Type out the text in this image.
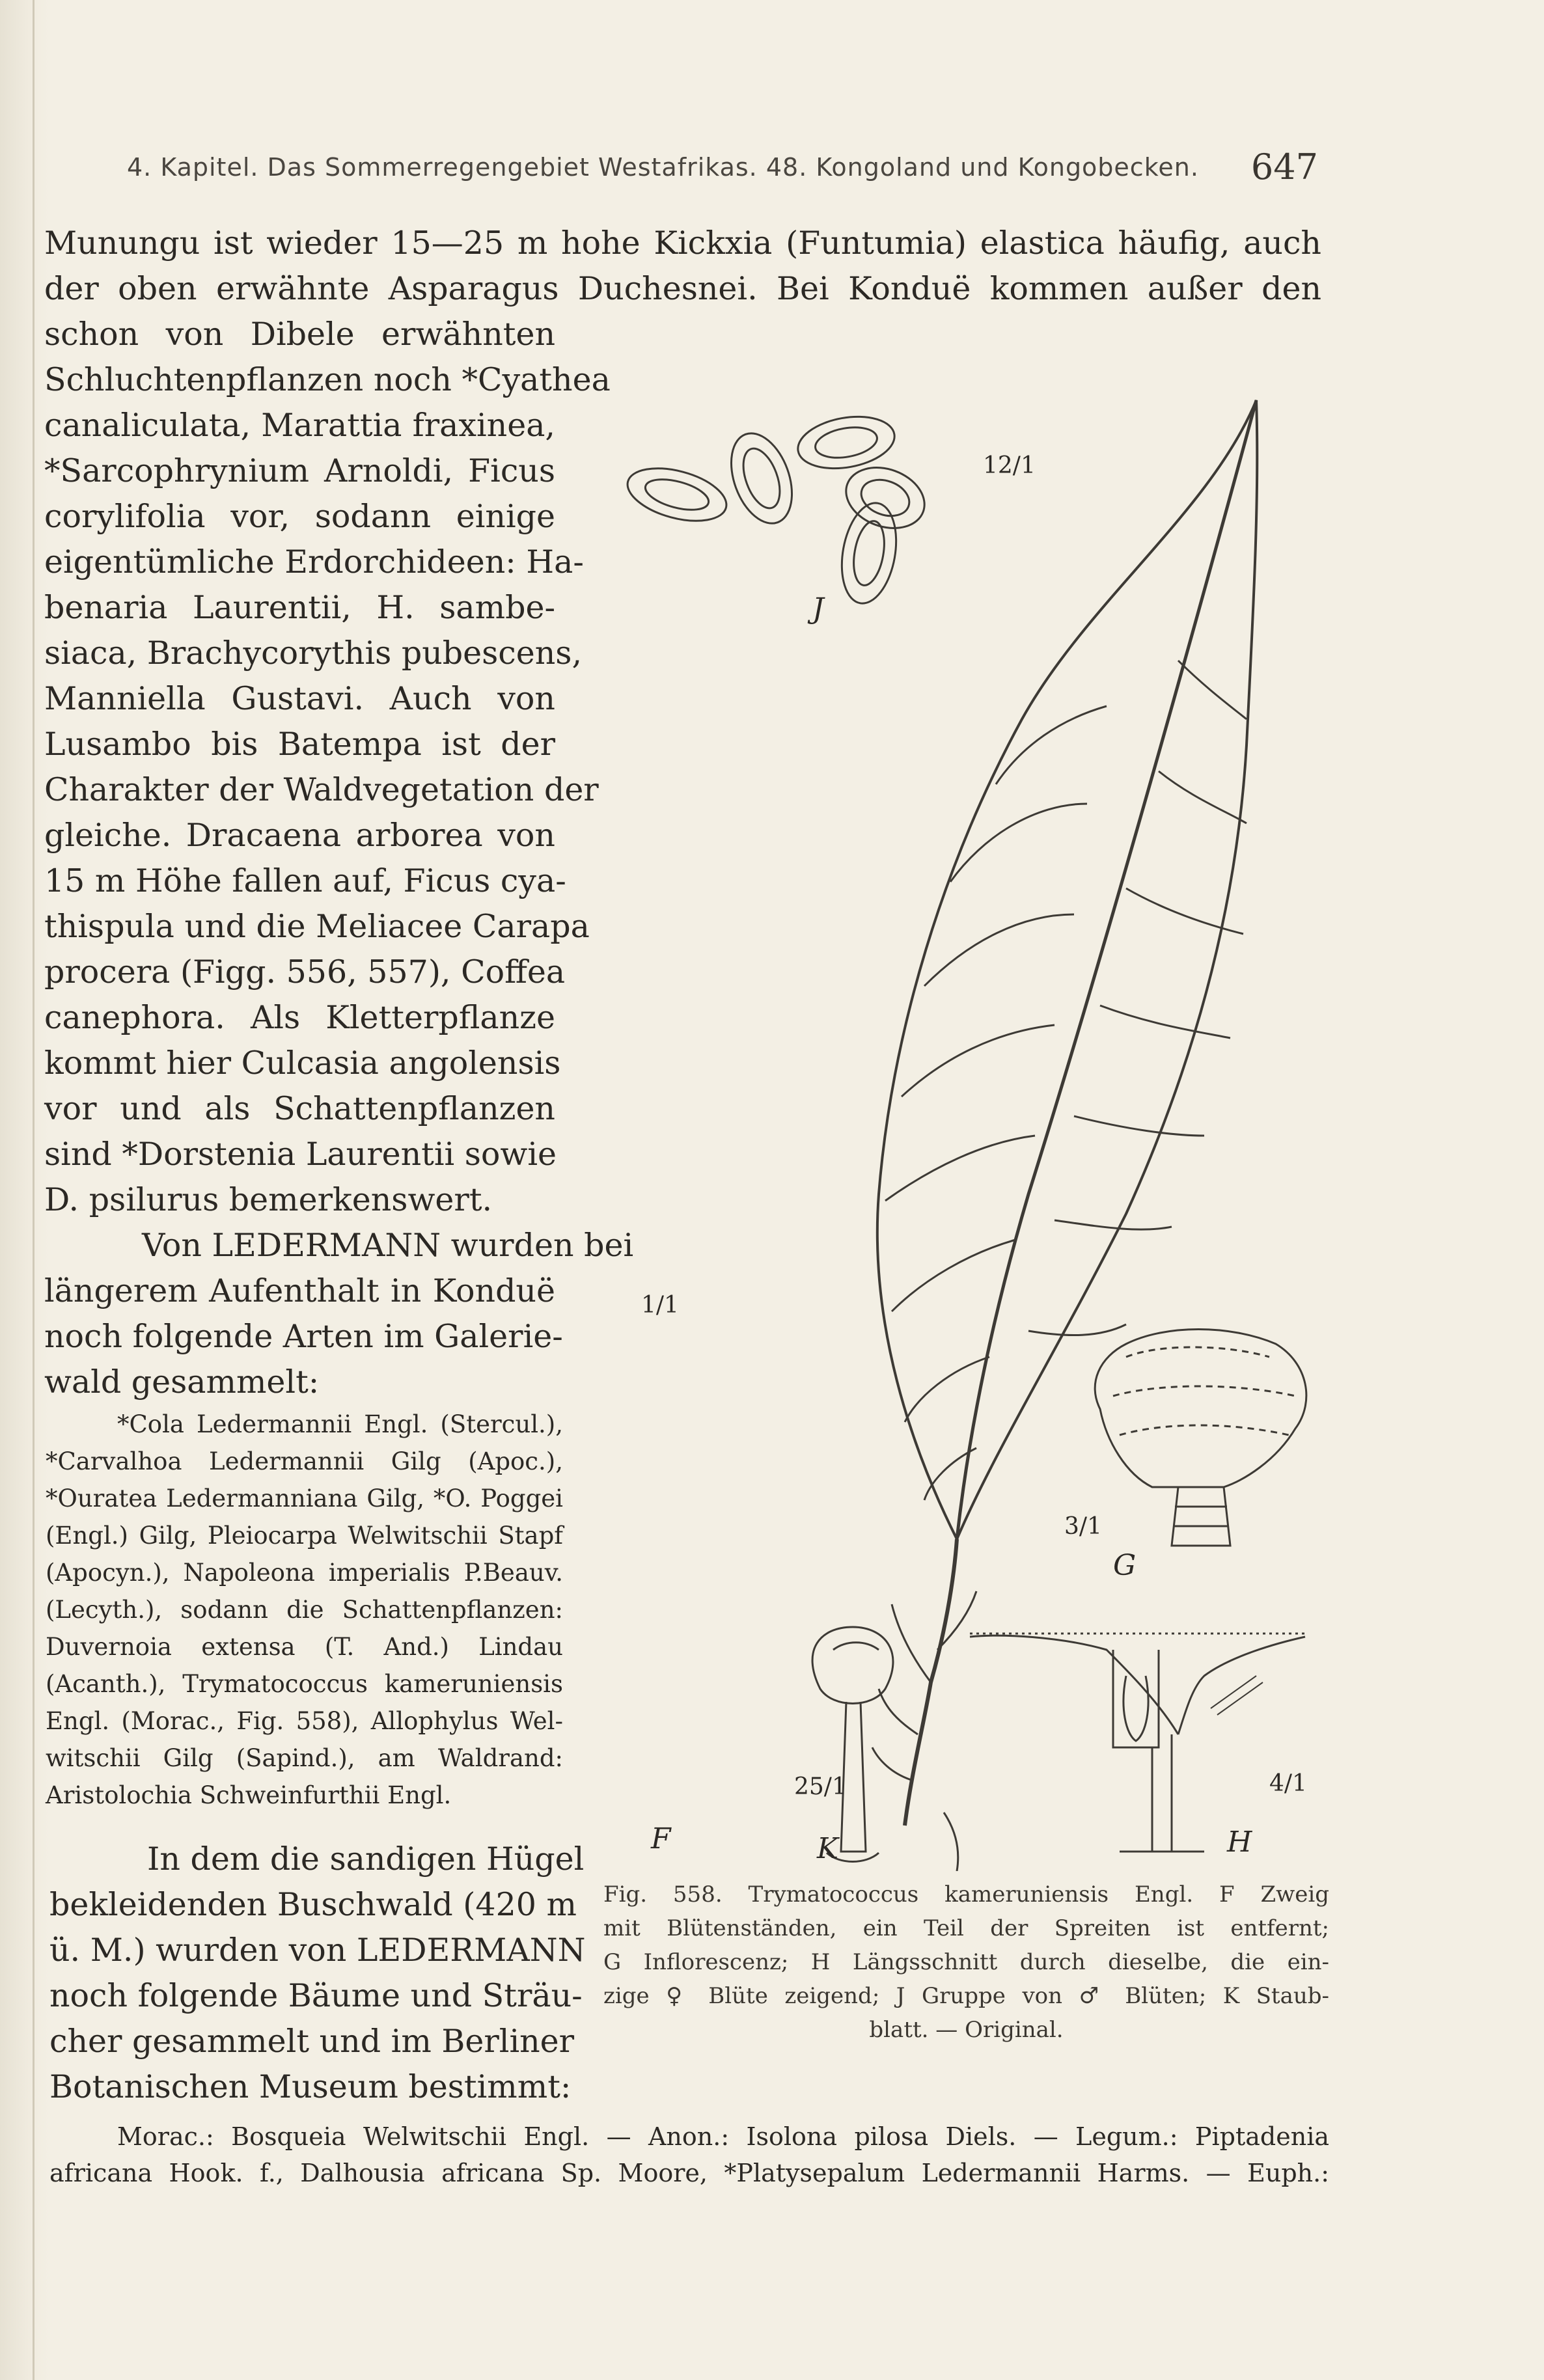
4. Kapitel. Das Sommerregengebiet Westafrikas. 48. Kongoland und Kongobecken. 647
Munungu ist wieder 15—25 m hohe Kickxia (Funtumia) elastica häufig, auch
der oben erwähnte Asparagus Duchesnei. Bei Konduë kommen außer den
schon von Dibele erwähnten
Schluchtenpflanzen noch *Cyathea
canaliculata, Marattia fraxinea,
*Sarcophrynium Arnoldi, Ficus
corylifolia vor, sodann einige
eigentümliche Erdorchideen: Ha-
benaria Laurentii, H. sambe-
siaca, Brachycorythis pubescens,
Manniella Gustavi. Auch von
Lusambo bis Batempa ist der
Charakter der Waldvegetation der
gleiche. Dracaena arborea von
15 m Höhe fallen auf, Ficus cya-
thispula und die Meliacee Carapa
procera (Figg. 556, 557), Coffea
canephora. Als Kletterpflanze
kommt hier Culcasia angolensis
vor und als Schattenpflanzen
sind *Dorstenia Laurentii sowie
D. psilurus bemerkenswert.
Von LEDERMANN wurden bei
längerem Aufenthalt in Konduë
noch folgende Arten im Galerie-
wald gesammelt:
*Cola Ledermannii Engl. (Stercul.),
*Carvalhoa Ledermannii Gilg (Apoc.),
*Ouratea Ledermanniana Gilg, *O. Poggei
(Engl.) Gilg, Pleiocarpa Welwitschii Stapf
(Apocyn.), Napoleona imperialis P.Beauv.
(Lecyth.), sodann die Schattenpflanzen:
Duvernoia extensa (T. And.) Lindau
(Acanth.), Trymatococcus kameruniensis
Engl. (Morac., Fig. 558), Allophylus Wel-
witschii Gilg (Sapind.), am Waldrand:
Aristolochia Schweinfurthii Engl.
In dem die sandigen Hügel
bekleidenden Buschwald (420 m
ü. M.) wurden von LEDERMANN
noch folgende Bäume und Sträu-
cher gesammelt und im Berliner
Botanischen Museum bestimmt:
Morac.: Bosqueia Welwitschii Engl. — Anon.: Isolona pilosa Diels. — Legum.: Piptadenia
africana Hook. f., Dalhousia africana Sp. Moore, *Platysepalum Ledermannii Harms. — Euph.:
J
12/1
1/1
3/1
G
25/1
K
F
4/1
H
Fig. 558. Trymatococcus kameruniensis Engl. F Zweig
mit Blütenständen, ein Teil der Spreiten ist entfernt;
G Inflorescenz; H Längsschnitt durch dieselbe, die ein-
zige ♀ Blüte zeigend; J Gruppe von ♂ Blüten; K Staub-
blatt. — Original.
